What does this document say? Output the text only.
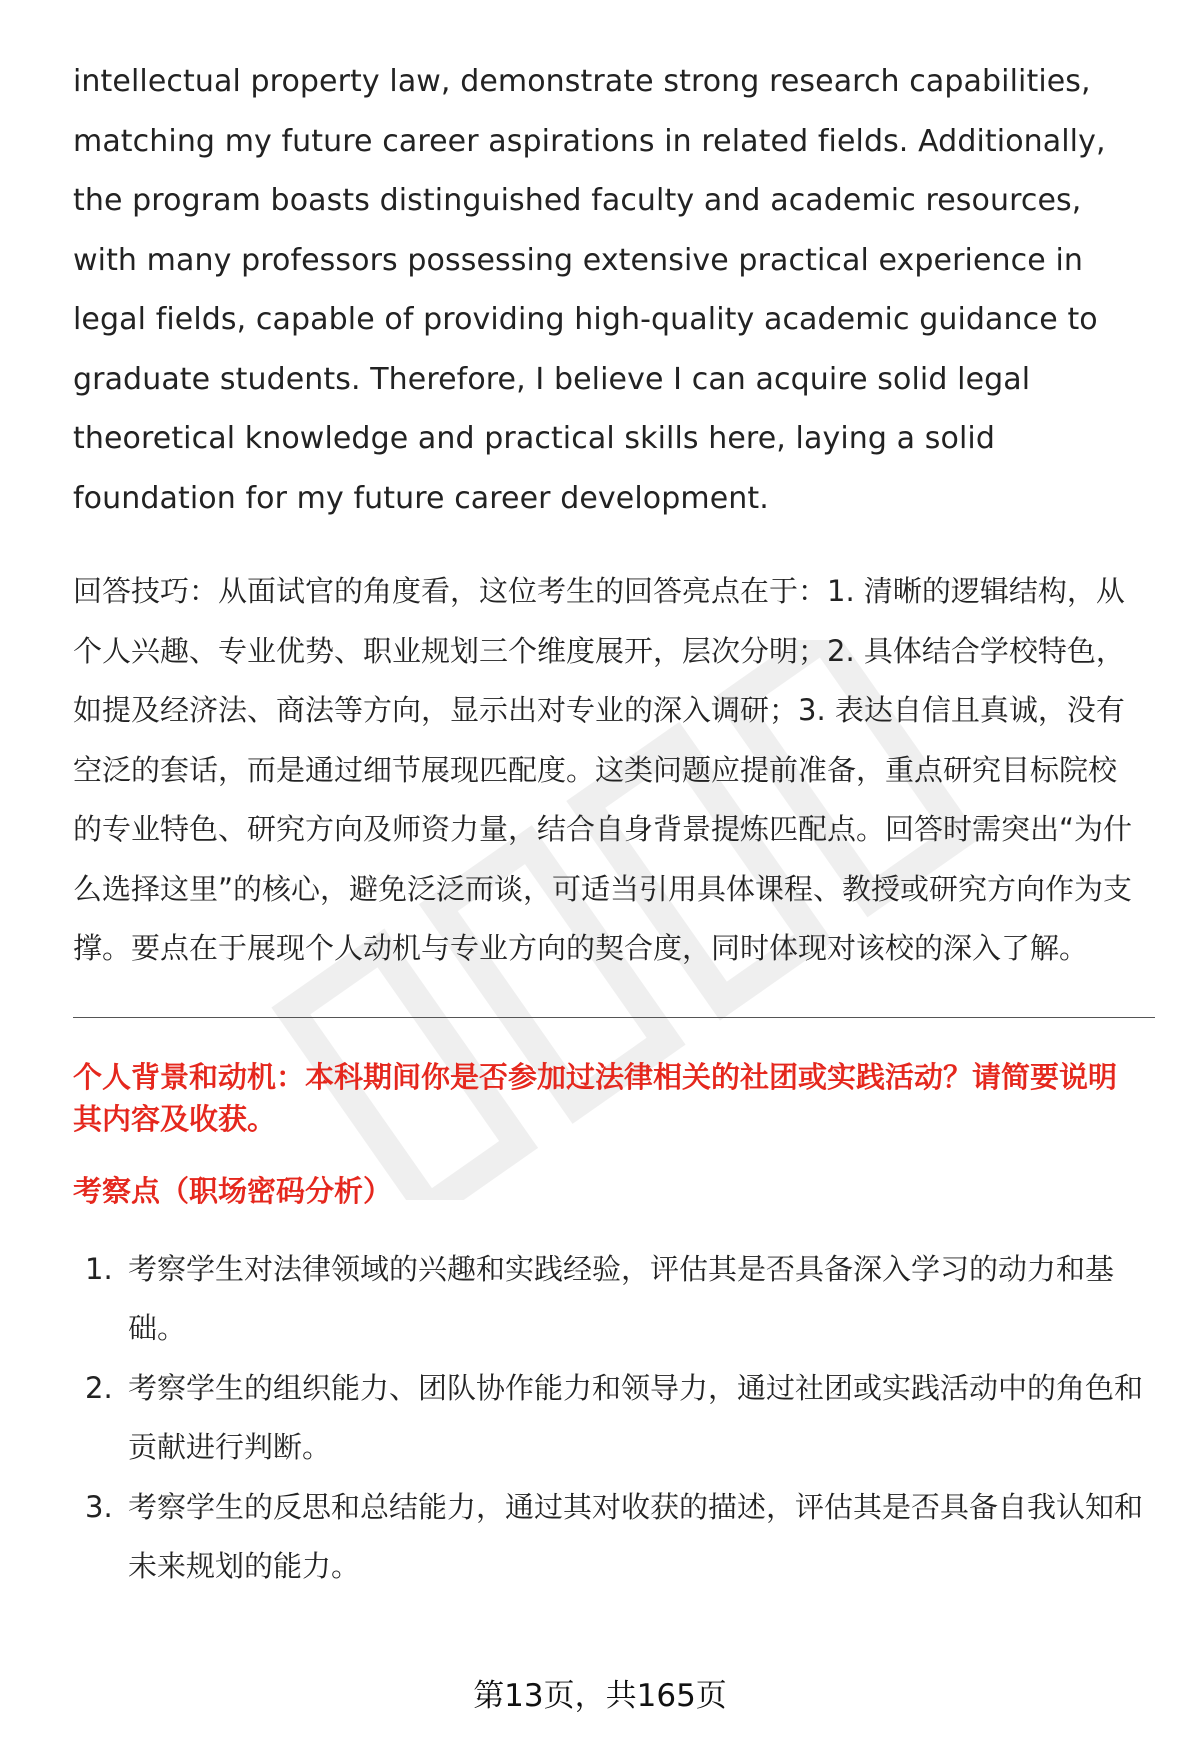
intellectual property law, demonstrate strong research capabilities, matching my future career aspirations in related fields. Additionally, the program boasts distinguished faculty and academic resources, with many professors possessing extensive practical experience in legal fields, capable of providing high-quality academic guidance to graduate students. Therefore, I believe I can acquire solid legal theoretical knowledge and practical skills here, laying a solid foundation for my future career development.

回答技巧：从面试官的角度看，这位考生的回答亮点在于：1. 清晰的逻辑结构，从个人兴趣、专业优势、职业规划三个维度展开，层次分明；2. 具体结合学校特色，如提及经济法、商法等方向，显示出对专业的深入调研；3. 表达自信且真诚，没有空泛的套话，而是通过细节展现匹配度。这类问题应提前准备，重点研究目标院校的专业特色、研究方向及师资力量，结合自身背景提炼匹配点。回答时需突出“为什么选择这里”的核心，避免泛泛而谈，可适当引用具体课程、教授或研究方向作为支撑。要点在于展现个人动机与专业方向的契合度，同时体现对该校的深入了解。
个人背景和动机：本科期间你是否参加过法律相关的社团或实践活动？请简要说明其内容及收获。
考察点（职场密码分析）
1. 考察学生对法律领域的兴趣和实践经验，评估其是否具备深入学习的动力和基础。
2. 考察学生的组织能力、团队协作能力和领导力，通过社团或实践活动中的角色和贡献进行判断。
3. 考察学生的反思和总结能力，通过其对收获的描述，评估其是否具备自我认知和未来规划的能力。
第13页，共165页
